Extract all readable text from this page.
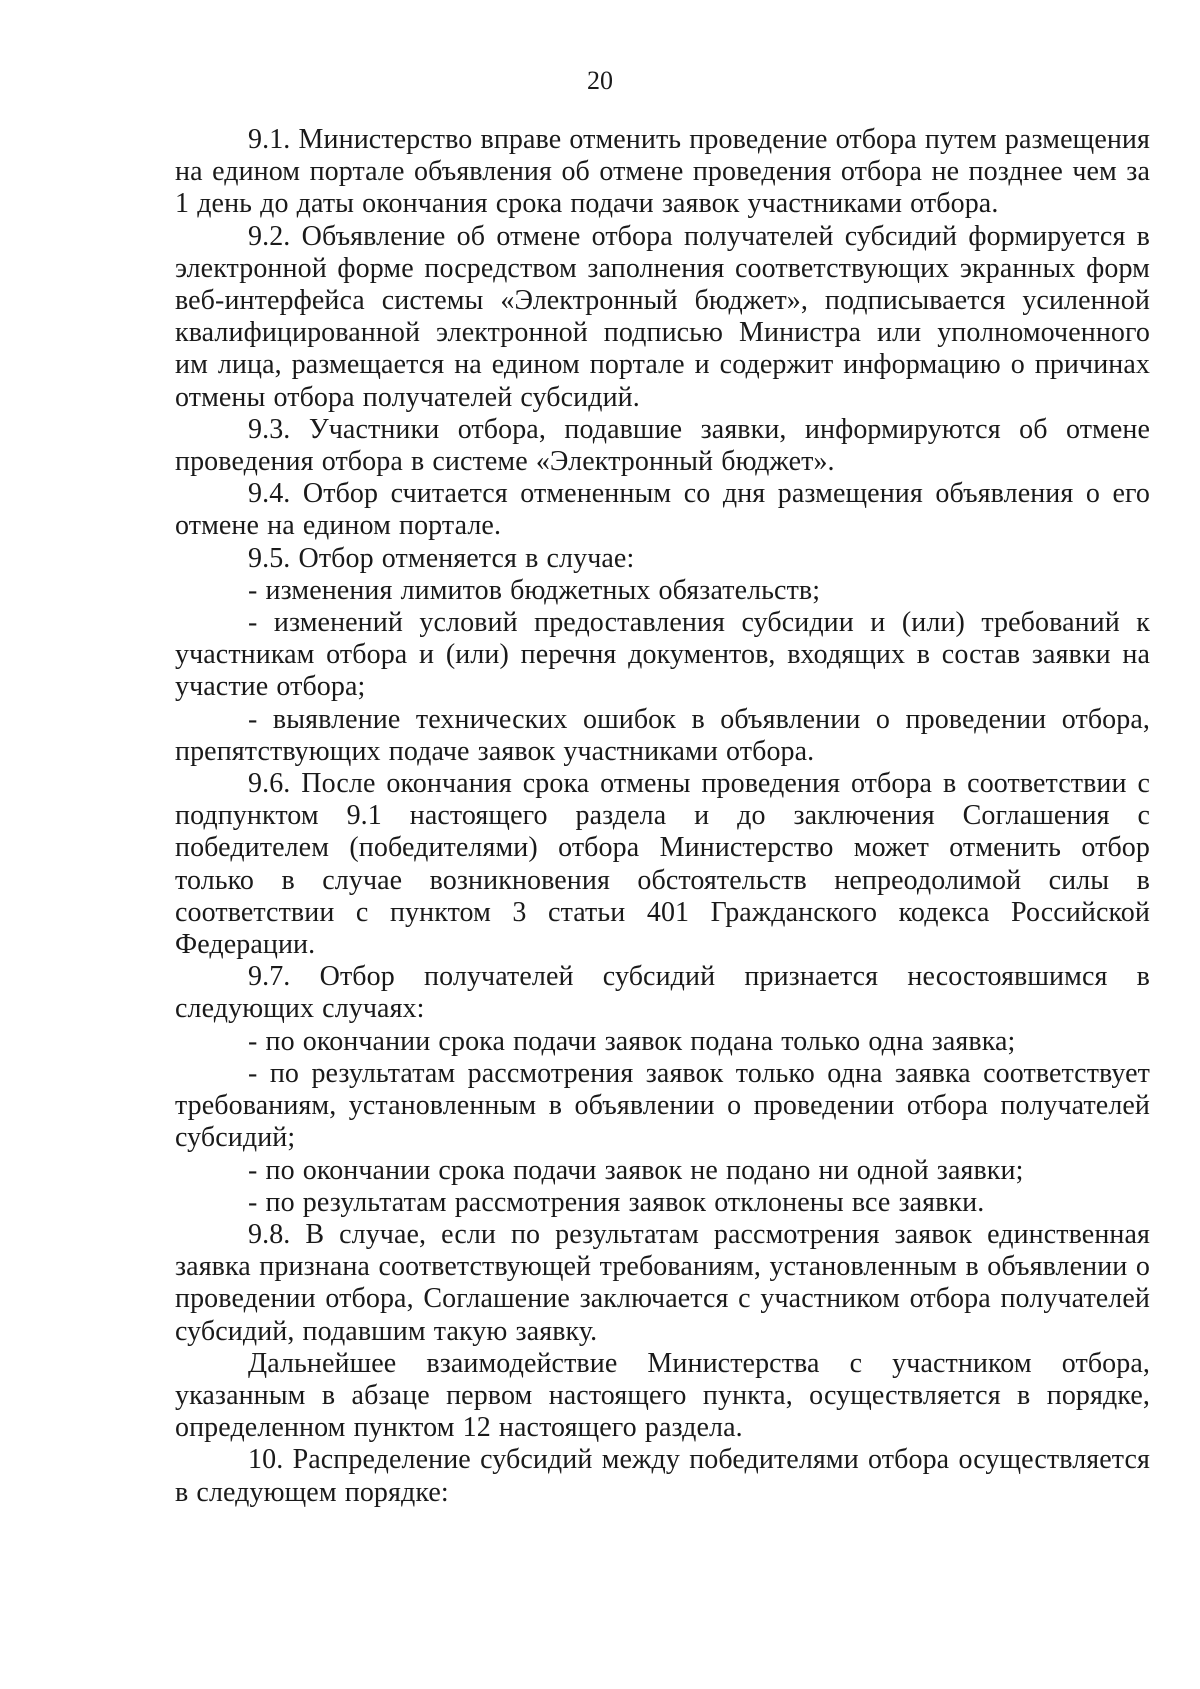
20

9.1. Министерство вправе отменить проведение отбора путем размещения на едином портале объявления об отмене проведения отбора не позднее чем за 1 день до даты окончания срока подачи заявок участниками отбора.

9.2. Объявление об отмене отбора получателей субсидий формируется в электронной форме посредством заполнения соответствующих экранных форм веб-интерфейса системы «Электронный бюджет», подписывается усиленной квалифицированной электронной подписью Министра или уполномоченного им лица, размещается на едином портале и содержит информацию о причинах отмены отбора получателей субсидий.

9.3. Участники отбора, подавшие заявки, информируются об отмене проведения отбора в системе «Электронный бюджет».

9.4. Отбор считается отмененным со дня размещения объявления о его отмене на едином портале.

9.5. Отбор отменяется в случае:

- изменения лимитов бюджетных обязательств;

- изменений условий предоставления субсидии и (или) требований к участникам отбора и (или) перечня документов, входящих в состав заявки на участие отбора;

- выявление технических ошибок в объявлении о проведении отбора, препятствующих подаче заявок участниками отбора.

9.6. После окончания срока отмены проведения отбора в соответствии с подпунктом 9.1 настоящего раздела и до заключения Соглашения с победителем (победителями) отбора Министерство может отменить отбор только в случае возникновения обстоятельств непреодолимой силы в соответствии с пунктом 3 статьи 401 Гражданского кодекса Российской Федерации.

9.7. Отбор получателей субсидий признается несостоявшимся в следующих случаях:

- по окончании срока подачи заявок подана только одна заявка;

- по результатам рассмотрения заявок только одна заявка соответствует требованиям, установленным в объявлении о проведении отбора получателей субсидий;

- по окончании срока подачи заявок не подано ни одной заявки;

- по результатам рассмотрения заявок отклонены все заявки.

9.8. В случае, если по результатам рассмотрения заявок единственная заявка признана соответствующей требованиям, установленным в объявлении о проведении отбора, Соглашение заключается с участником отбора получателей субсидий, подавшим такую заявку.

Дальнейшее взаимодействие Министерства с участником отбора, указанным в абзаце первом настоящего пункта, осуществляется в порядке, определенном пунктом 12 настоящего раздела.

10. Распределение субсидий между победителями отбора осуществляется в следующем порядке:
